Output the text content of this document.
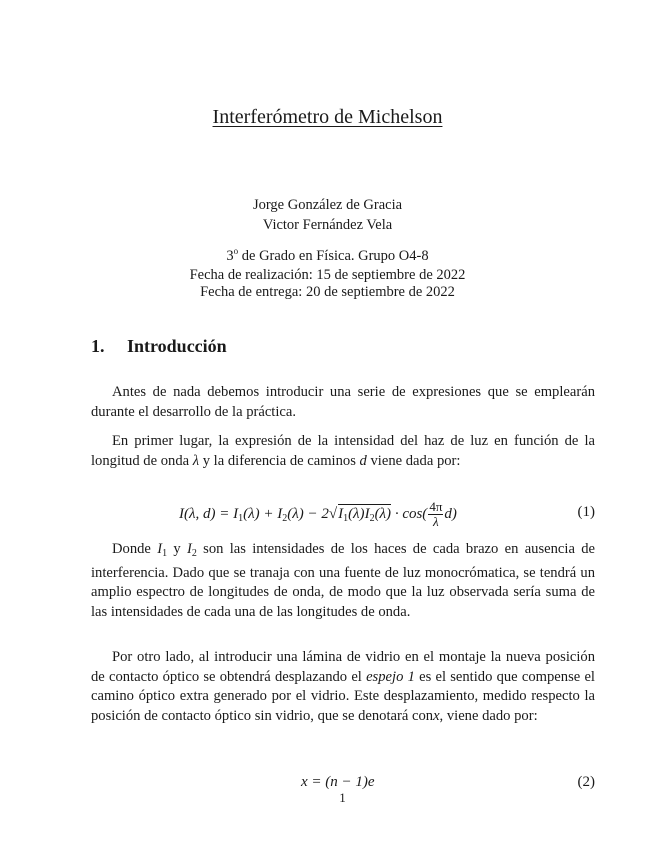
Interferómetro de Michelson
Jorge González de Gracia
Victor Fernández Vela
3$^o$ de Grado en Física. Grupo O4-8
Fecha de realización: 15 de septiembre de 2022
Fecha de entrega: 20 de septiembre de 2022
1. Introducción
Antes de nada debemos introducir una serie de expresiones que se emplearán durante el desarrollo de la práctica.
En primer lugar, la expresión de la intensidad del haz de luz en función de la longitud de onda λ y la diferencia de caminos d viene dada por:
I(λ, $d) = I_1(\lambda) + I_2(\lambda) - 2√I_1(\lambda)I_2(\lambda) \cdot \cos( \frac{4\pi}{\lambda} d)$	(1)
Donde $I_1$ y $I_2$ son las intensidades de los haces de cada brazo en ausencia de interferencia. Dado que se tranaja con una fuente de luz monocrómatica, se tendrá un amplio espectro de longitudes de onda, de modo que la luz observada sería suma de las intensidades de cada una de las longitudes de onda.
Por otro lado, al introducir una lámina de vidrio en el montaje la nueva posición de contacto óptico se obtendrá desplazando el espejo 1 es el sentido que compense el camino óptico extra generado por el vidrio. Este desplazamiento, medido respecto la posición de contacto óptico sin vidrio, que se denotará conx, viene dado por:
x = (n − 1)e	(2)
1
